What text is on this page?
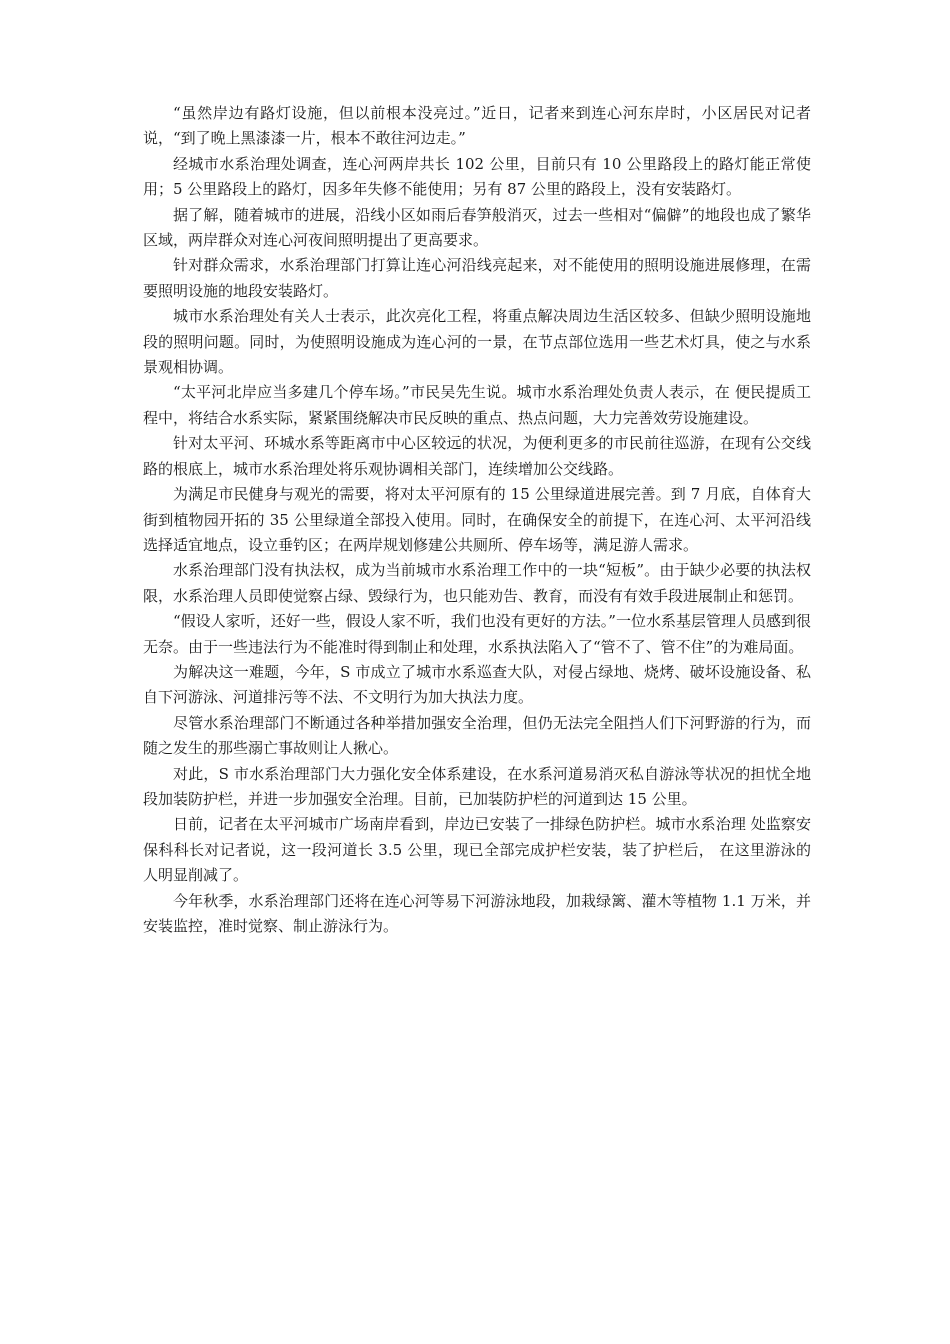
“虽然岸边有路灯设施，但以前根本没亮过。”近日，记者来到连心河东岸时，小区居民对记者说，“到了晚上黑漆漆一片，根本不敢往河边走。”

经城市水系治理处调查，连心河两岸共长 102 公里，目前只有 10 公里路段上的路灯能正常使用；5 公里路段上的路灯，因多年失修不能使用；另有 87 公里的路段上，没有安装路灯。

据了解，随着城市的进展，沿线小区如雨后春笋般消灭，过去一些相对“偏僻”的地段也成了繁华区域，两岸群众对连心河夜间照明提出了更高要求。

针对群众需求，水系治理部门打算让连心河沿线亮起来，对不能使用的照明设施进展修理，在需要照明设施的地段安装路灯。

城市水系治理处有关人士表示，此次亮化工程，将重点解决周边生活区较多、但缺少照明设施地段的照明问题。同时，为使照明设施成为连心河的一景，在节点部位选用一些艺术灯具，使之与水系景观相协调。

“太平河北岸应当多建几个停车场。”市民吴先生说。城市水系治理处负责人表示，在 便民提质工程中，将结合水系实际，紧紧围绕解决市民反映的重点、热点问题，大力完善效劳设施建设。

针对太平河、环城水系等距离市中心区较远的状况，为便利更多的市民前往巡游，在现有公交线路的根底上，城市水系治理处将乐观协调相关部门，连续增加公交线路。

为满足市民健身与观光的需要，将对太平河原有的 15 公里绿道进展完善。到 7 月底，自体育大街到植物园开拓的 35 公里绿道全部投入使用。同时，在确保安全的前提下，在连心河、太平河沿线选择适宜地点，设立垂钓区；在两岸规划修建公共厕所、停车场等，满足游人需求。

水系治理部门没有执法权，成为当前城市水系治理工作中的一块“短板”。由于缺少必要的执法权限，水系治理人员即使觉察占绿、毁绿行为，也只能劝告、教育，而没有有效手段进展制止和惩罚。

“假设人家听，还好一些，假设人家不听，我们也没有更好的方法。”一位水系基层管理人员感到很无奈。由于一些违法行为不能准时得到制止和处理，水系执法陷入了“管不了、管不住”的为难局面。

为解决这一难题，今年，S 市成立了城市水系巡查大队，对侵占绿地、烧烤、破坏设施设备、私自下河游泳、河道排污等不法、不文明行为加大执法力度。

尽管水系治理部门不断通过各种举措加强安全治理，但仍无法完全阻挡人们下河野游的行为，而随之发生的那些溺亡事故则让人揪心。

对此，S 市水系治理部门大力强化安全体系建设，在水系河道易消灭私自游泳等状况的担忧全地段加装防护栏，并进一步加强安全治理。目前，已加装防护栏的河道到达 15 公里。

日前，记者在太平河城市广场南岸看到，岸边已安装了一排绿色防护栏。城市水系治理 处监察安保科科长对记者说，这一段河道长 3.5 公里，现已全部完成护栏安装，装了护栏后， 在这里游泳的人明显削减了。

今年秋季，水系治理部门还将在连心河等易下河游泳地段，加栽绿篱、灌木等植物 1.1 万米，并安装监控，准时觉察、制止游泳行为。
